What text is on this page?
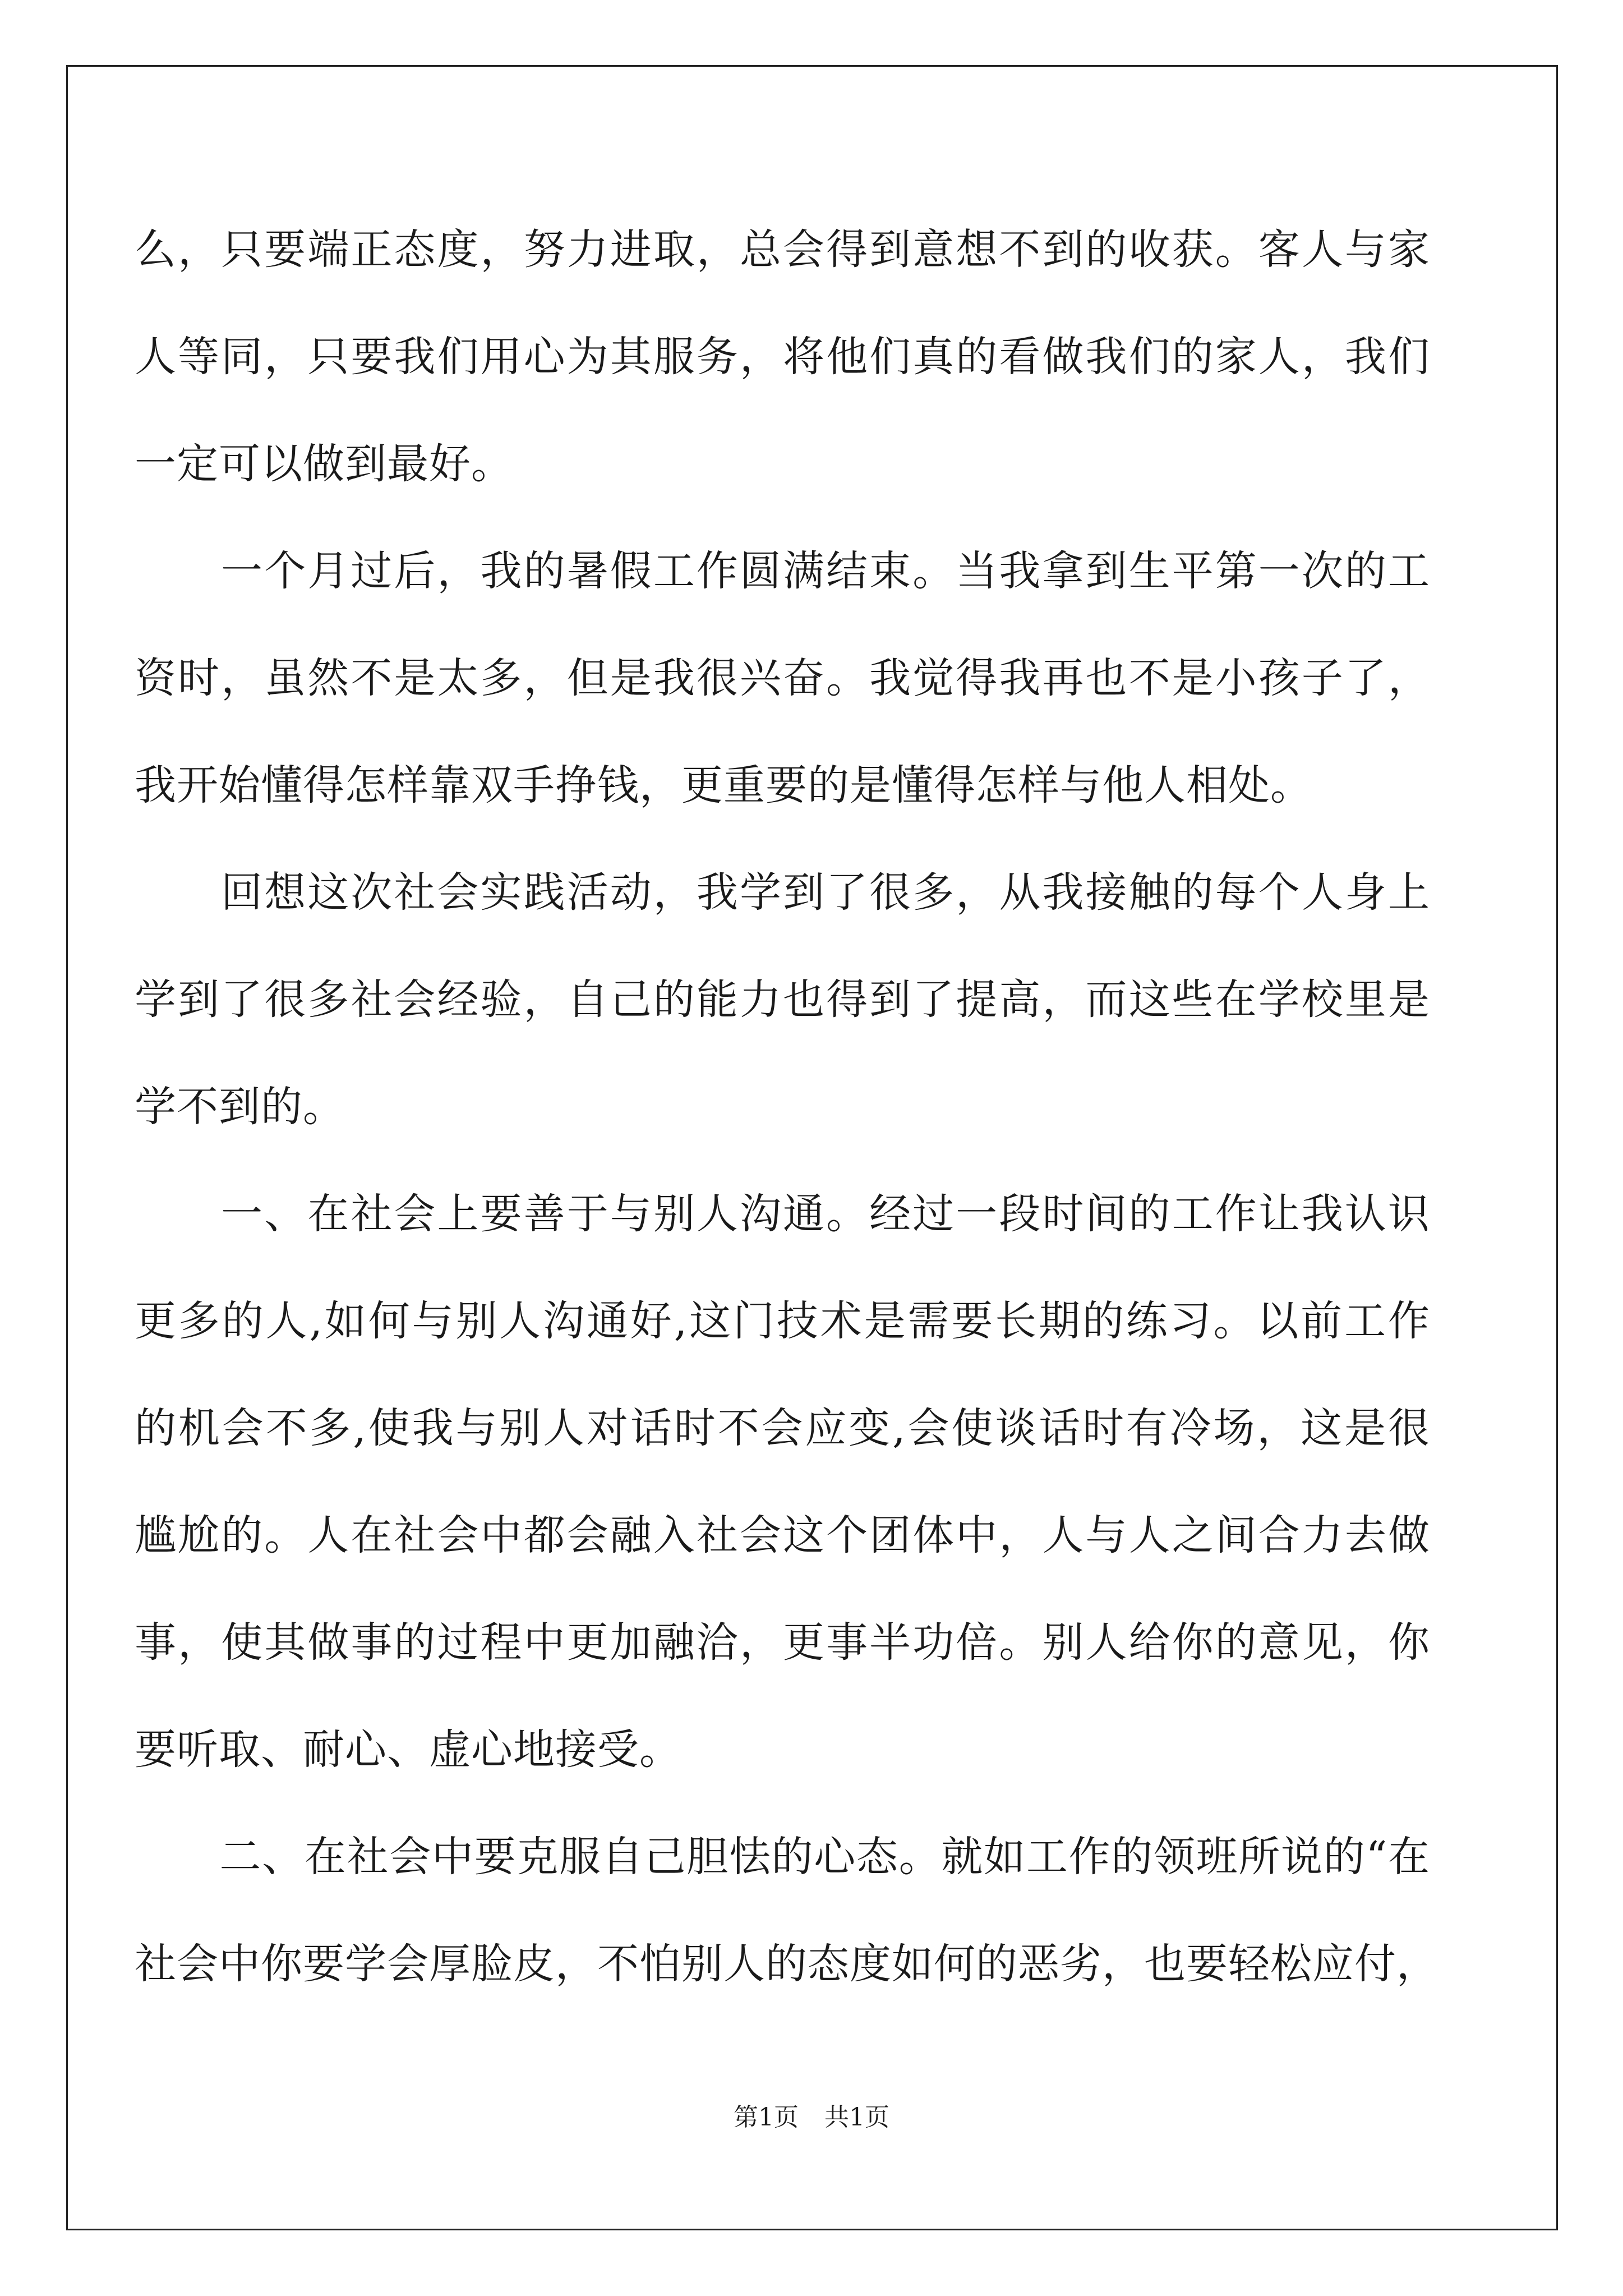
么，只要端正态度，努力进取，总会得到意想不到的收获。客人与家
人等同，只要我们用心为其服务，将他们真的看做我们的家人，我们
一定可以做到最好。
　　一个月过后，我的暑假工作圆满结束。当我拿到生平第一次的工
资时，虽然不是太多，但是我很兴奋。我觉得我再也不是小孩子了，
我开始懂得怎样靠双手挣钱，更重要的是懂得怎样与他人相处。
　　回想这次社会实践活动，我学到了很多，从我接触的每个人身上
学到了很多社会经验，自己的能力也得到了提高，而这些在学校里是
学不到的。
　　一、在社会上要善于与别人沟通。经过一段时间的工作让我认识
更多的人,如何与别人沟通好,这门技术是需要长期的练习。以前工作
的机会不多,使我与别人对话时不会应变,会使谈话时有冷场，这是很
尴尬的。人在社会中都会融入社会这个团体中，人与人之间合力去做
事，使其做事的过程中更加融洽，更事半功倍。别人给你的意见，你
要听取、耐心、虚心地接受。
　　二、在社会中要克服自己胆怯的心态。就如工作的领班所说的“在
社会中你要学会厚脸皮，不怕别人的态度如何的恶劣，也要轻松应付，
第1页 共1页
